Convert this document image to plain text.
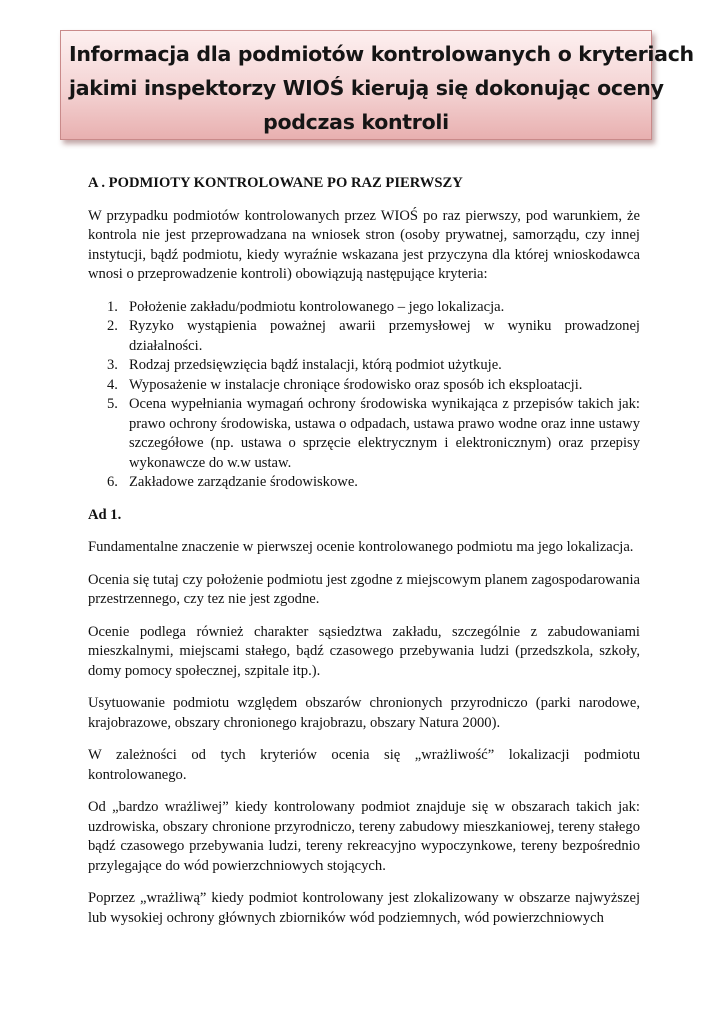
Informacja dla podmiotów kontrolowanych o kryteriach
jakimi inspektorzy WIOŚ kierują się dokonując oceny
podczas kontroli
A . PODMIOTY KONTROLOWANE PO RAZ PIERWSZY

W przypadku podmiotów kontrolowanych przez WIOŚ po raz pierwszy, pod warunkiem, że kontrola nie jest przeprowadzana na wniosek stron (osoby prywatnej, samorządu, czy innej instytucji, bądź podmiotu, kiedy wyraźnie wskazana jest przyczyna dla której wnioskodawca wnosi o przeprowadzenie kontroli) obowiązują następujące kryteria:

1. Położenie zakładu/podmiotu kontrolowanego – jego lokalizacja.
2. Ryzyko wystąpienia poważnej awarii przemysłowej w wyniku prowadzonej działalności.
3. Rodzaj przedsięwzięcia bądź instalacji, którą podmiot użytkuje.
4. Wyposażenie w instalacje chroniące środowisko oraz sposób ich eksploatacji.
5. Ocena wypełniania wymagań ochrony środowiska wynikająca z przepisów takich jak: prawo ochrony środowiska, ustawa o odpadach, ustawa prawo wodne oraz inne ustawy szczegółowe (np. ustawa o sprzęcie elektrycznym i elektronicznym) oraz przepisy wykonawcze do w.w ustaw.
6. Zakładowe zarządzanie środowiskowe.
Ad 1.

Fundamentalne znaczenie w pierwszej ocenie kontrolowanego podmiotu ma jego lokalizacja.

Ocenia się tutaj czy położenie podmiotu jest zgodne z miejscowym planem zagospodarowania przestrzennego, czy tez nie jest zgodne.

Ocenie podlega również charakter sąsiedztwa zakładu, szczególnie z zabudowaniami mieszkalnymi, miejscami stałego, bądź czasowego przebywania ludzi (przedszkola, szkoły, domy pomocy społecznej, szpitale itp.).

Usytuowanie podmiotu względem obszarów chronionych przyrodniczo (parki narodowe, krajobrazowe, obszary chronionego krajobrazu, obszary Natura 2000).

W zależności od tych kryteriów ocenia się „wrażliwość” lokalizacji podmiotu kontrolowanego.

Od „bardzo wrażliwej” kiedy kontrolowany podmiot znajduje się w obszarach takich jak: uzdrowiska, obszary chronione przyrodniczo, tereny zabudowy mieszkaniowej, tereny stałego bądź czasowego przebywania ludzi, tereny rekreacyjno wypoczynkowe, tereny bezpośrednio przylegające do wód powierzchniowych stojących.

Poprzez „wrażliwą” kiedy podmiot kontrolowany jest zlokalizowany w obszarze najwyższej lub wysokiej ochrony głównych zbiorników wód podziemnych, wód powierzchniowych
